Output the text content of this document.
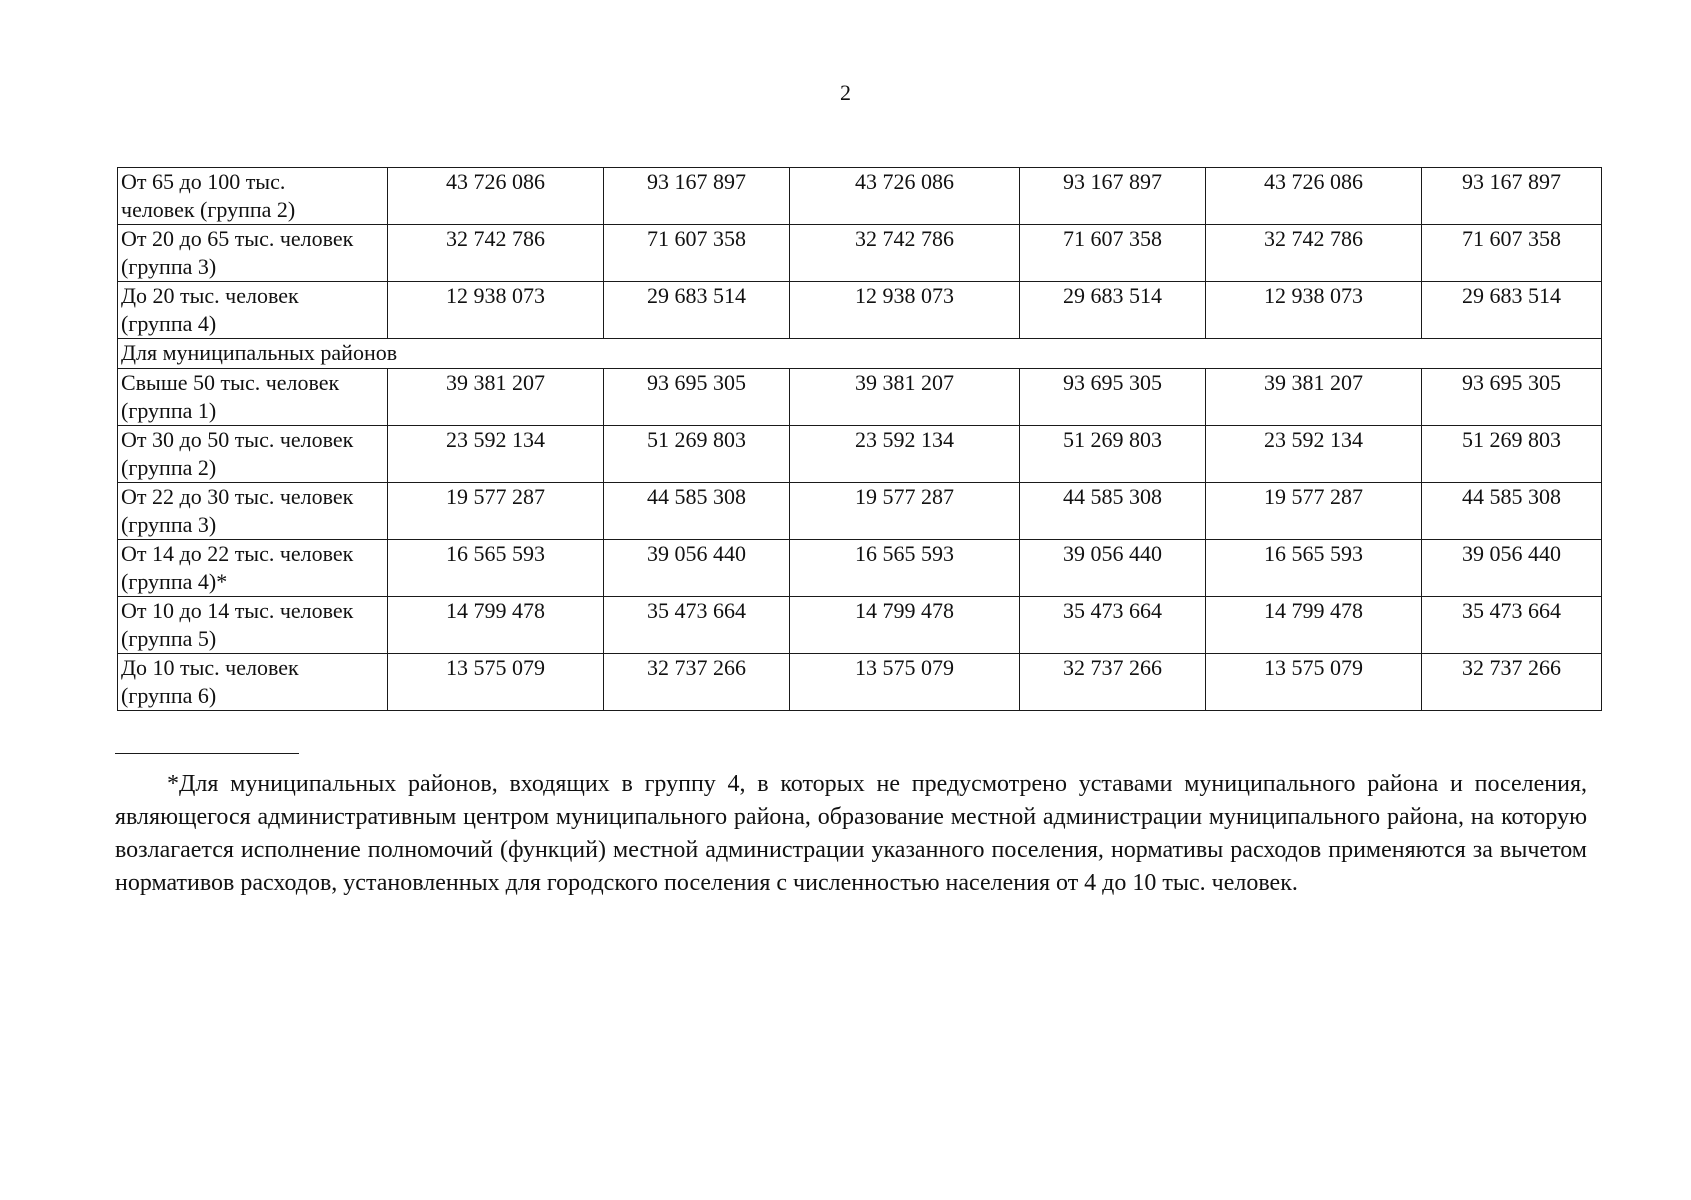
2
От 65 до 100 тыс.
человек (группа 2)	43 726 086	93 167 897	43 726 086	93 167 897	43 726 086	93 167 897

От 20 до 65 тыс. человек
(группа 3)	32 742 786	71 607 358	32 742 786	71 607 358	32 742 786	71 607 358

До 20 тыс. человек
(группа 4)	12 938 073	29 683 514	12 938 073	29 683 514	12 938 073	29 683 514
Для муниципальных районов						

Свыше 50 тыс. человек
(группа 1)	39 381 207	93 695 305	39 381 207	93 695 305	39 381 207	93 695 305

От 30 до 50 тыс. человек
(группа 2)	23 592 134	51 269 803	23 592 134	51 269 803	23 592 134	51 269 803

От 22 до 30 тыс. человек
(группа 3)	19 577 287	44 585 308	19 577 287	44 585 308	19 577 287	44 585 308

От 14 до 22 тыс. человек
(группа 4)*	16 565 593	39 056 440	16 565 593	39 056 440	16 565 593	39 056 440

От 10 до 14 тыс. человек
(группа 5)	14 799 478	35 473 664	14 799 478	35 473 664	14 799 478	35 473 664

До 10 тыс. человек
(группа 6)	13 575 079	32 737 266	13 575 079	32 737 266	13 575 079	32 737 266

*Для муниципальных районов, входящих в группу 4, в которых не предусмотрено уставами муниципального района и поселения, являющегося административным центром муниципального района, образование местной администрации муниципального района, на которую возлагается исполнение полномочий (функций) местной администрации указанного поселения, нормативы расходов применяются за вычетом нормативов расходов, установленных для городского поселения с численностью населения от 4 до 10 тыс. человек.
